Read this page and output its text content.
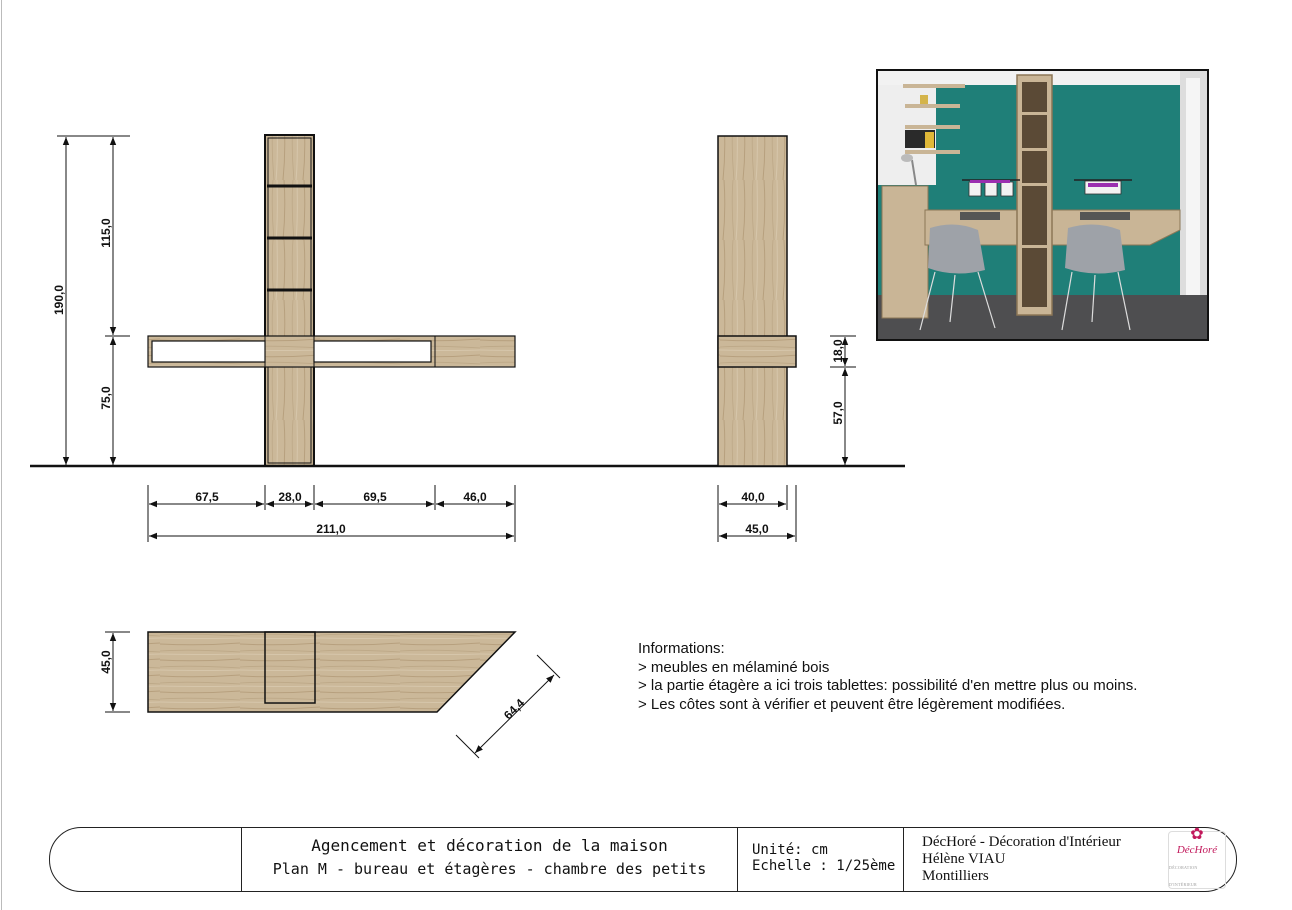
190,0
115,0
75,0
67,5	28,0	69,5	46,0
211,0
40,0
45,0
18,0
57,0
45,0
64,4
Informations:
> meubles en mélaminé bois
> la partie étagère a ici trois tablettes: possibilité d'en mettre plus ou moins.
> Les côtes sont à vérifier et peuvent être légèrement modifiées.
Agencement et décoration de la maison
Plan M - bureau et étagères - chambre des petits
Unité: cm
Echelle : 1/25ème
DécHoré - Décoration d'Intérieur
Hélène VIAU
Montilliers
✿
DécHoré
DÉCORATION D'INTÉRIEUR
